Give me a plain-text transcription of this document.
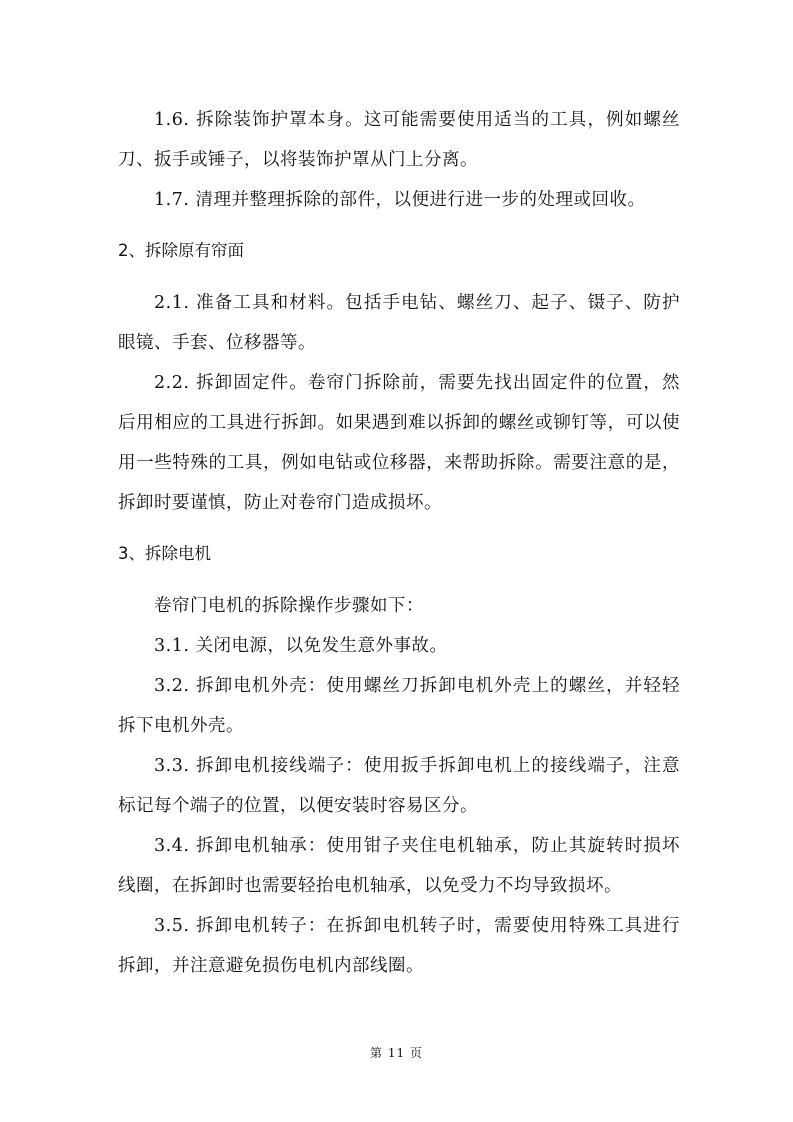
1.6. 拆除装饰护罩本身。这可能需要使用适当的工具，例如螺丝刀、扳手或锤子，以将装饰护罩从门上分离。

1.7. 清理并整理拆除的部件，以便进行进一步的处理或回收。

2、拆除原有帘面

2.1. 准备工具和材料。包括手电钻、螺丝刀、起子、镊子、防护眼镜、手套、位移器等。

2.2. 拆卸固定件。卷帘门拆除前，需要先找出固定件的位置，然后用相应的工具进行拆卸。如果遇到难以拆卸的螺丝或铆钉等，可以使用一些特殊的工具，例如电钻或位移器，来帮助拆除。需要注意的是，拆卸时要谨慎，防止对卷帘门造成损坏。

3、拆除电机

卷帘门电机的拆除操作步骤如下：

3.1. 关闭电源，以免发生意外事故。

3.2. 拆卸电机外壳：使用螺丝刀拆卸电机外壳上的螺丝，并轻轻拆下电机外壳。

3.3. 拆卸电机接线端子：使用扳手拆卸电机上的接线端子，注意标记每个端子的位置，以便安装时容易区分。

3.4. 拆卸电机轴承：使用钳子夹住电机轴承，防止其旋转时损坏线圈，在拆卸时也需要轻抬电机轴承，以免受力不均导致损坏。

3.5. 拆卸电机转子：在拆卸电机转子时，需要使用特殊工具进行拆卸，并注意避免损伤电机内部线圈。

第 11 页
